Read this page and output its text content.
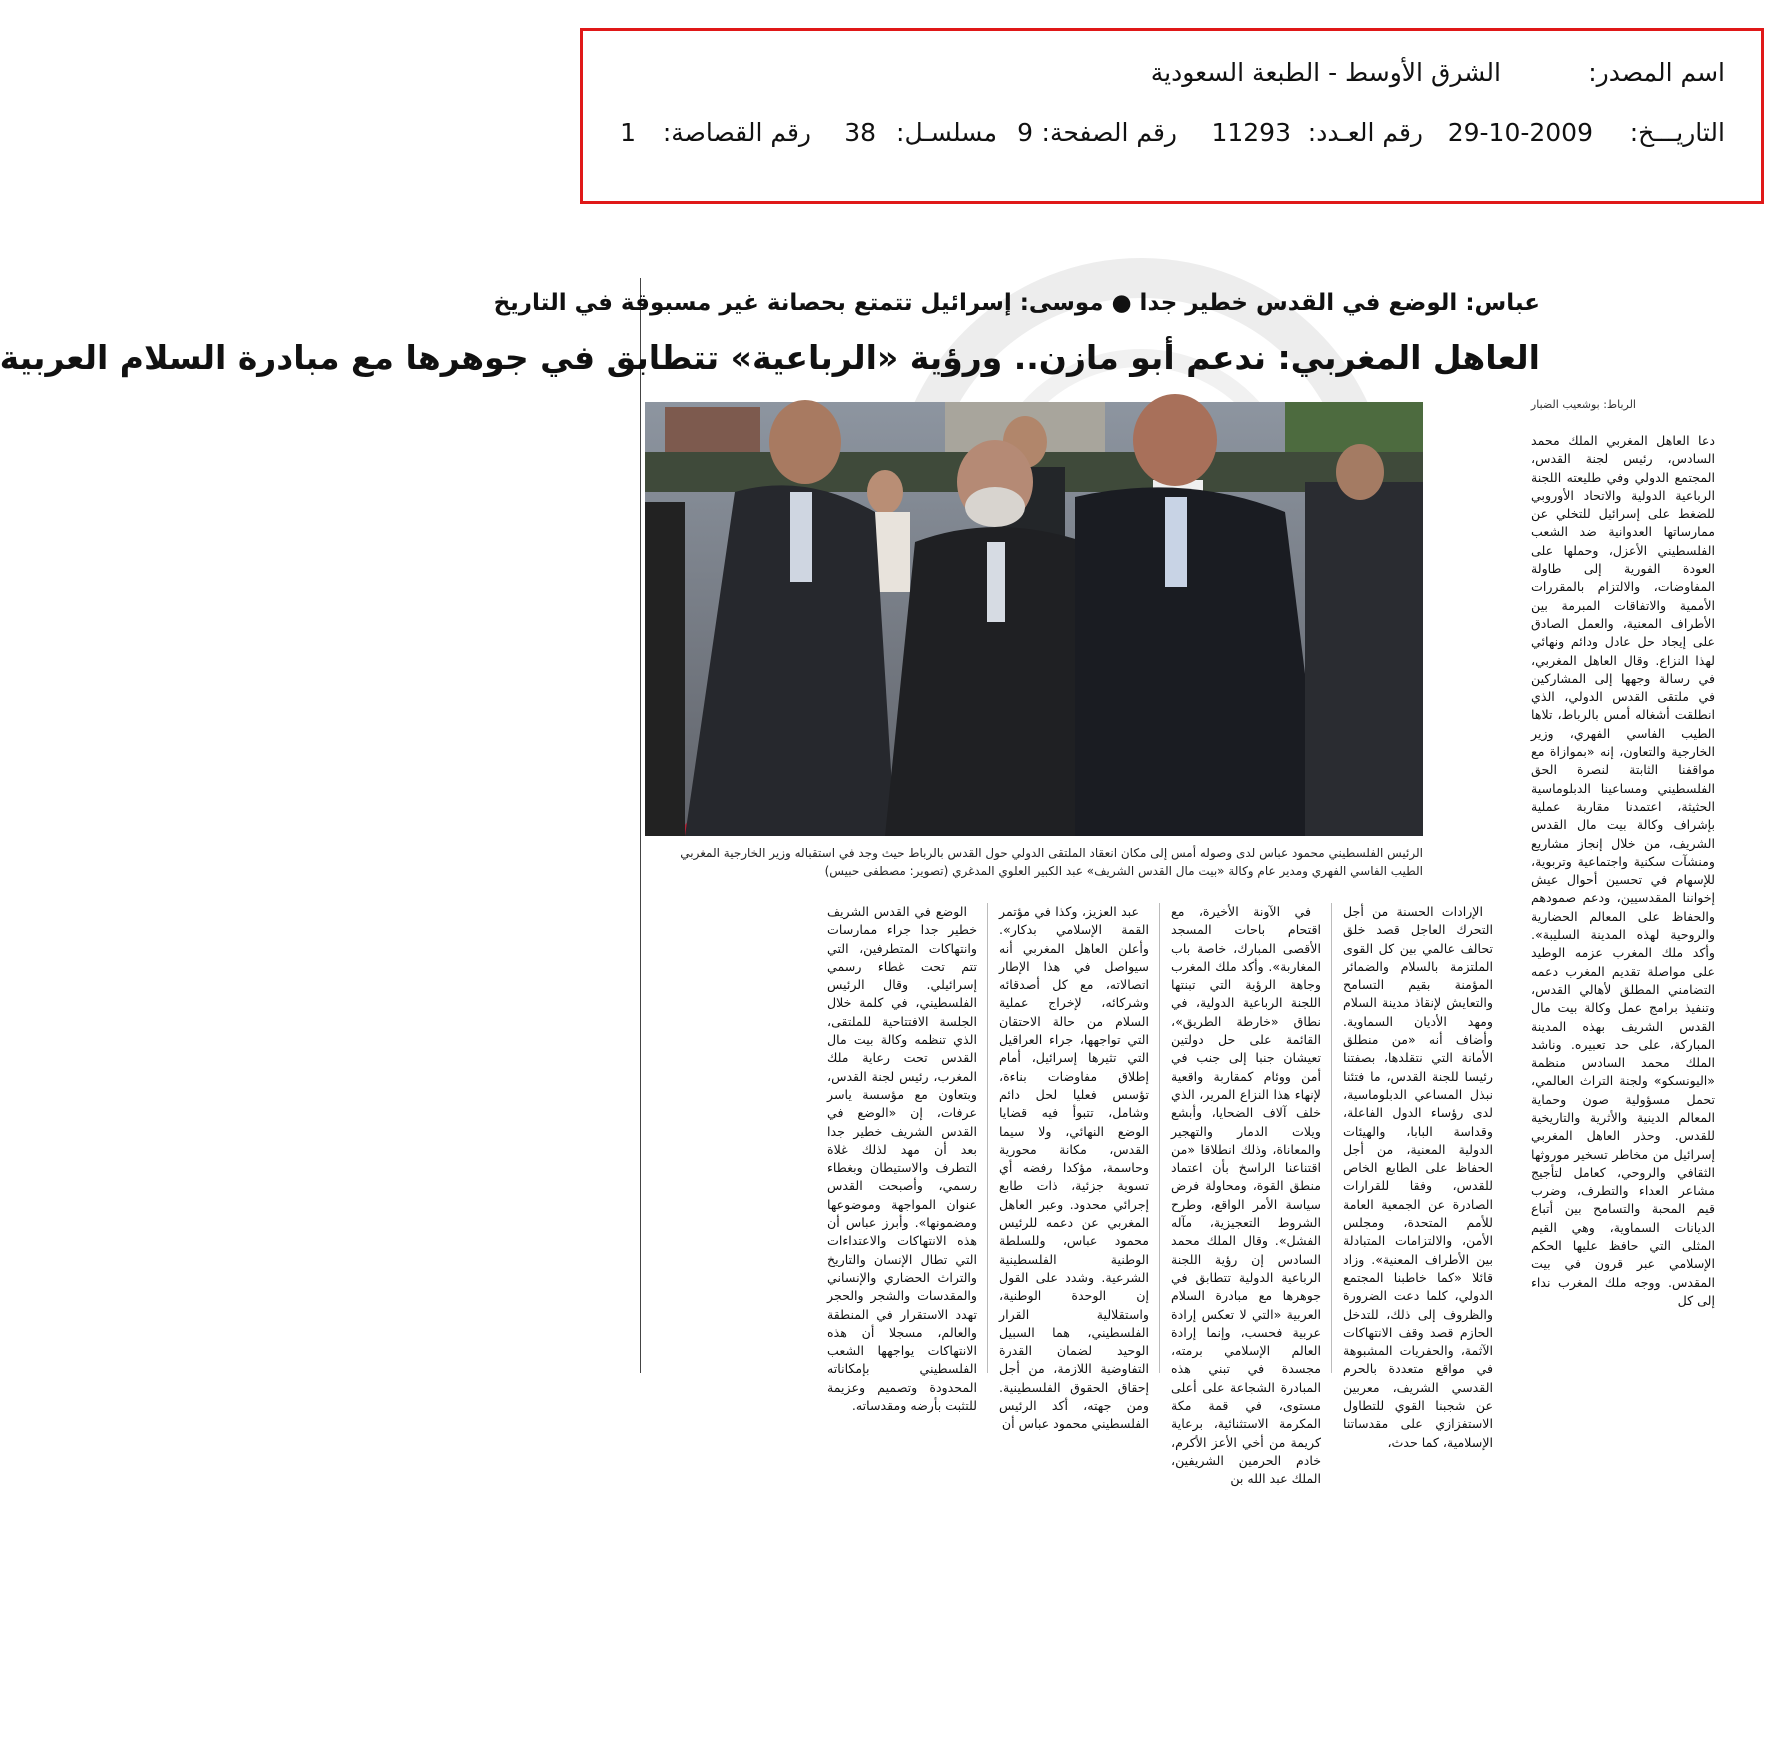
اسم المصدر:
الشرق الأوسط - الطبعة السعودية
التاريـــخ:
29-10-2009
رقم العـدد:
11293
رقم الصفحة:
9
مسلسـل:
38
رقم القصاصة:
1
عباس: الوضع في القدس خطير جدا ● موسى: إسرائيل تتمتع بحصانة غير مسبوقة في التاريخ
العاهل المغربي: ندعم أبو مازن.. ورؤية «الرباعية» تتطابق في جوهرها مع مبادرة السلام العربية
الرباط: بوشعيب الضبار
الرئيس الفلسطيني محمود عباس لدى وصوله أمس إلى مكان انعقاد الملتقى الدولي حول القدس بالرباط حيث وجد في استقباله وزير الخارجية المغربي الطيب الفاسي الفهري ومدير عام وكالة «بيت مال القدس الشريف» عبد الكبير العلوي المدغري (تصوير: مصطفى حبيس)

دعا العاهل المغربي الملك محمد السادس، رئيس لجنة القدس، المجتمع الدولي وفي طليعته اللجنة الرباعية الدولية والاتحاد الأوروبي للضغط على إسرائيل للتخلي عن ممارساتها العدوانية ضد الشعب الفلسطيني الأعزل، وحملها على العودة الفورية إلى طاولة المفاوضات، والالتزام بالمقررات الأممية والاتفاقات المبرمة بين الأطراف المعنية، والعمل الصادق على إيجاد حل عادل ودائم ونهائي لهذا النزاع. وقال العاهل المغربي، في رسالة وجهها إلى المشاركين في ملتقى القدس الدولي، الذي انطلقت أشغاله أمس بالرباط، تلاها الطيب الفاسي الفهري، وزير الخارجية والتعاون، إنه «بموازاة مع مواقفنا الثابتة لنصرة الحق الفلسطيني ومساعينا الدبلوماسية الحثيثة، اعتمدنا مقاربة عملية بإشراف وكالة بيت مال القدس الشريف، من خلال إنجاز مشاريع ومنشآت سكنية واجتماعية وتربوية، للإسهام في تحسين أحوال عيش إخواننا المقدسيين، ودعم صمودهم والحفاظ على المعالم الحضارية والروحية لهذه المدينة السليبة». وأكد ملك المغرب عزمه الوطيد على مواصلة تقديم المغرب دعمه التضامني المطلق لأهالي القدس، وتنفيذ برامج عمل وكالة بيت مال القدس الشريف بهذه المدينة المباركة، على حد تعبيره. وناشد الملك محمد السادس منظمة «اليونسكو» ولجنة التراث العالمي، تحمل مسؤولية صون وحماية المعالم الدينية والأثرية والتاريخية للقدس. وحذر العاهل المغربي إسرائيل من مخاطر تسخير موروثها الثقافي والروحي، كعامل لتأجيج مشاعر العداء والتطرف، وضرب قيم المحبة والتسامح بين أتباع الديانات السماوية، وهي القيم المثلى التي حافظ عليها الحكم الإسلامي عبر قرون في بيت المقدس. ووجه ملك المغرب نداء إلى كل

الإرادات الحسنة من أجل التحرك العاجل قصد خلق تحالف عالمي بين كل القوى الملتزمة بالسلام والضمائر المؤمنة بقيم التسامح والتعايش لإنقاذ مدينة السلام ومهد الأديان السماوية. وأضاف أنه «من منطلق الأمانة التي نتقلدها، بصفتنا رئيسا للجنة القدس، ما فتئنا نبذل المساعي الدبلوماسية، لدى رؤساء الدول الفاعلة، وقداسة البابا، والهيئات الدولية المعنية، من أجل الحفاظ على الطابع الخاص للقدس، وفقا للقرارات الصادرة عن الجمعية العامة للأمم المتحدة، ومجلس الأمن، والالتزامات المتبادلة بين الأطراف المعنية». وزاد قائلا «كما خاطبنا المجتمع الدولي، كلما دعت الضرورة والظروف إلى ذلك، للتدخل الحازم قصد وقف الانتهاكات الآثمة، والحفريات المشبوهة في مواقع متعددة بالحرم القدسي الشريف، معربين عن شجبنا القوي للتطاول الاستفزازي على مقدساتنا الإسلامية، كما حدث،

في الآونة الأخيرة، مع اقتحام باحات المسجد الأقصى المبارك، خاصة باب المغاربة». وأكد ملك المغرب وجاهة الرؤية التي تبنتها اللجنة الرباعية الدولية، في نطاق «خارطة الطريق»، القائمة على حل دولتين تعيشان جنبا إلى جنب في أمن ووئام كمقاربة واقعية لإنهاء هذا النزاع المرير، الذي خلف آلاف الضحايا، وأبشع ويلات الدمار والتهجير والمعاناة، وذلك انطلاقا «من اقتناعنا الراسخ بأن اعتماد منطق القوة، ومحاولة فرض سياسة الأمر الواقع، وطرح الشروط التعجيزية، مآله الفشل». وقال الملك محمد السادس إن رؤية اللجنة الرباعية الدولية تتطابق في جوهرها مع مبادرة السلام العربية «التي لا تعكس إرادة عربية فحسب، وإنما إرادة العالم الإسلامي برمته، مجسدة في تبني هذه المبادرة الشجاعة على أعلى مستوى، في قمة مكة المكرمة الاستثنائية، برعاية كريمة من أخي الأعز الأكرم، خادم الحرمين الشريفين، الملك عبد الله بن

عبد العزيز، وكذا في مؤتمر القمة الإسلامي بدكار». وأعلن العاهل المغربي أنه سيواصل في هذا الإطار اتصالاته، مع كل أصدقائه وشركائه، لإخراج عملية السلام من حالة الاحتقان التي تواجهها، جراء العراقيل التي تثيرها إسرائيل، أمام إطلاق مفاوضات بناءة، تؤسس فعليا لحل دائم وشامل، تتبوأ فيه قضايا الوضع النهائي، ولا سيما القدس، مكانة محورية وحاسمة، مؤكدا رفضه أي تسوية جزئية، ذات طابع إجرائي محدود. وعبر العاهل المغربي عن دعمه للرئيس محمود عباس، وللسلطة الوطنية الفلسطينية الشرعية. وشدد على القول إن الوحدة الوطنية، واستقلالية القرار الفلسطيني، هما السبيل الوحيد لضمان القدرة التفاوضية اللازمة، من أجل إحقاق الحقوق الفلسطينية. ومن جهته، أكد الرئيس الفلسطيني محمود عباس أن

الوضع في القدس الشريف خطير جدا جراء ممارسات وانتهاكات المتطرفين، التي تتم تحت غطاء رسمي إسرائيلي. وقال الرئيس الفلسطيني، في كلمة خلال الجلسة الافتتاحية للملتقى، الذي تنظمه وكالة بيت مال القدس تحت رعاية ملك المغرب، رئيس لجنة القدس، وبتعاون مع مؤسسة ياسر عرفات، إن «الوضع في القدس الشريف خطير جدا بعد أن مهد لذلك غلاة التطرف والاستيطان وبغطاء رسمي، وأصبحت القدس عنوان المواجهة وموضوعها ومضمونها». وأبرز عباس أن هذه الانتهاكات والاعتداءات التي تطال الإنسان والتاريخ والتراث الحضاري والإنساني والمقدسات والشجر والحجر تهدد الاستقرار في المنطقة والعالم، مسجلا أن هذه الانتهاكات يواجهها الشعب الفلسطيني بإمكاناته المحدودة وتصميم وعزيمة للتثبت بأرضه ومقدساته.
